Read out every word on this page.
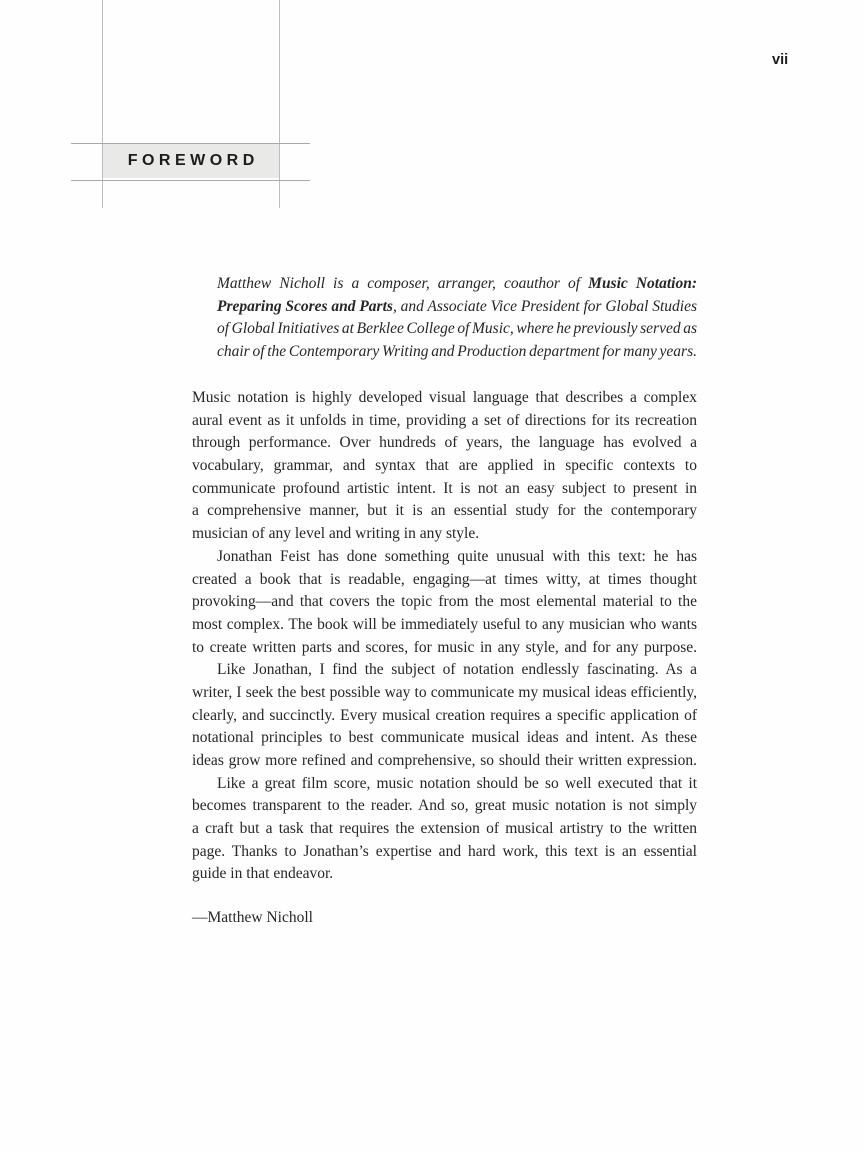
vii
FOREWORD
Matthew Nicholl is a composer, arranger, coauthor of Music Notation:
Preparing Scores and Parts, and Associate Vice President for Global Studies
of Global Initiatives at Berklee College of Music, where he previously served as
chair of the Contemporary Writing and Production department for many years.
Music notation is highly developed visual language that describes a complex
aural event as it unfolds in time, providing a set of directions for its recreation
through performance. Over hundreds of years, the language has evolved a
vocabulary, grammar, and syntax that are applied in specific contexts to
communicate profound artistic intent. It is not an easy subject to present in
a comprehensive manner, but it is an essential study for the contemporary
musician of any level and writing in any style.
Jonathan Feist has done something quite unusual with this text: he has
created a book that is readable, engaging—at times witty, at times thought
provoking—and that covers the topic from the most elemental material to the
most complex. The book will be immediately useful to any musician who wants
to create written parts and scores, for music in any style, and for any purpose.
Like Jonathan, I find the subject of notation endlessly fascinating. As a
writer, I seek the best possible way to communicate my musical ideas efficiently,
clearly, and succinctly. Every musical creation requires a specific application of
notational principles to best communicate musical ideas and intent. As these
ideas grow more refined and comprehensive, so should their written expression.
Like a great film score, music notation should be so well executed that it
becomes transparent to the reader. And so, great music notation is not simply
a craft but a task that requires the extension of musical artistry to the written
page. Thanks to Jonathan’s expertise and hard work, this text is an essential
guide in that endeavor.
—Matthew Nicholl
